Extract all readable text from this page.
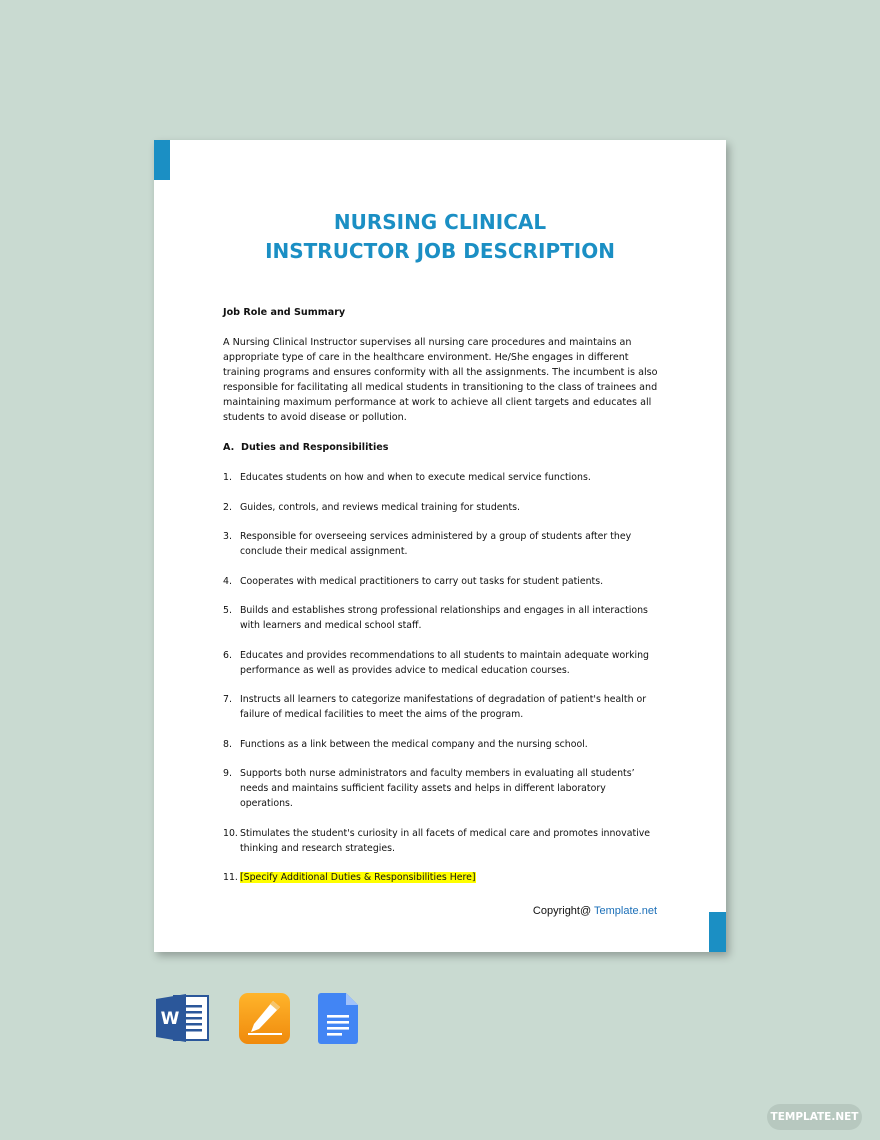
NURSING CLINICAL
INSTRUCTOR JOB DESCRIPTION
Job Role and Summary
A Nursing Clinical Instructor supervises all nursing care procedures and maintains an appropriate type of care in the healthcare environment. He/She engages in different training programs and ensures conformity with all the assignments. The incumbent is also responsible for facilitating all medical students in transitioning to the class of trainees and maintaining maximum performance at work to achieve all client targets and educates all students to avoid disease or pollution.
A. Duties and Responsibilities
1. Educates students on how and when to execute medical service functions.
2. Guides, controls, and reviews medical training for students.
3. Responsible for overseeing services administered by a group of students after they conclude their medical assignment.
4. Cooperates with medical practitioners to carry out tasks for student patients.
5. Builds and establishes strong professional relationships and engages in all interactions with learners and medical school staff.
6. Educates and provides recommendations to all students to maintain adequate working performance as well as provides advice to medical education courses.
7. Instructs all learners to categorize manifestations of degradation of patient's health or failure of medical facilities to meet the aims of the program.
8. Functions as a link between the medical company and the nursing school.
9. Supports both nurse administrators and faculty members in evaluating all students’ needs and maintains sufficient facility assets and helps in different laboratory operations.
10. Stimulates the student's curiosity in all facets of medical care and promotes innovative thinking and research strategies.
11. [Specify Additional Duties & Responsibilities Here]
Copyright@ Template.net
W
TEMPLATE.NET
